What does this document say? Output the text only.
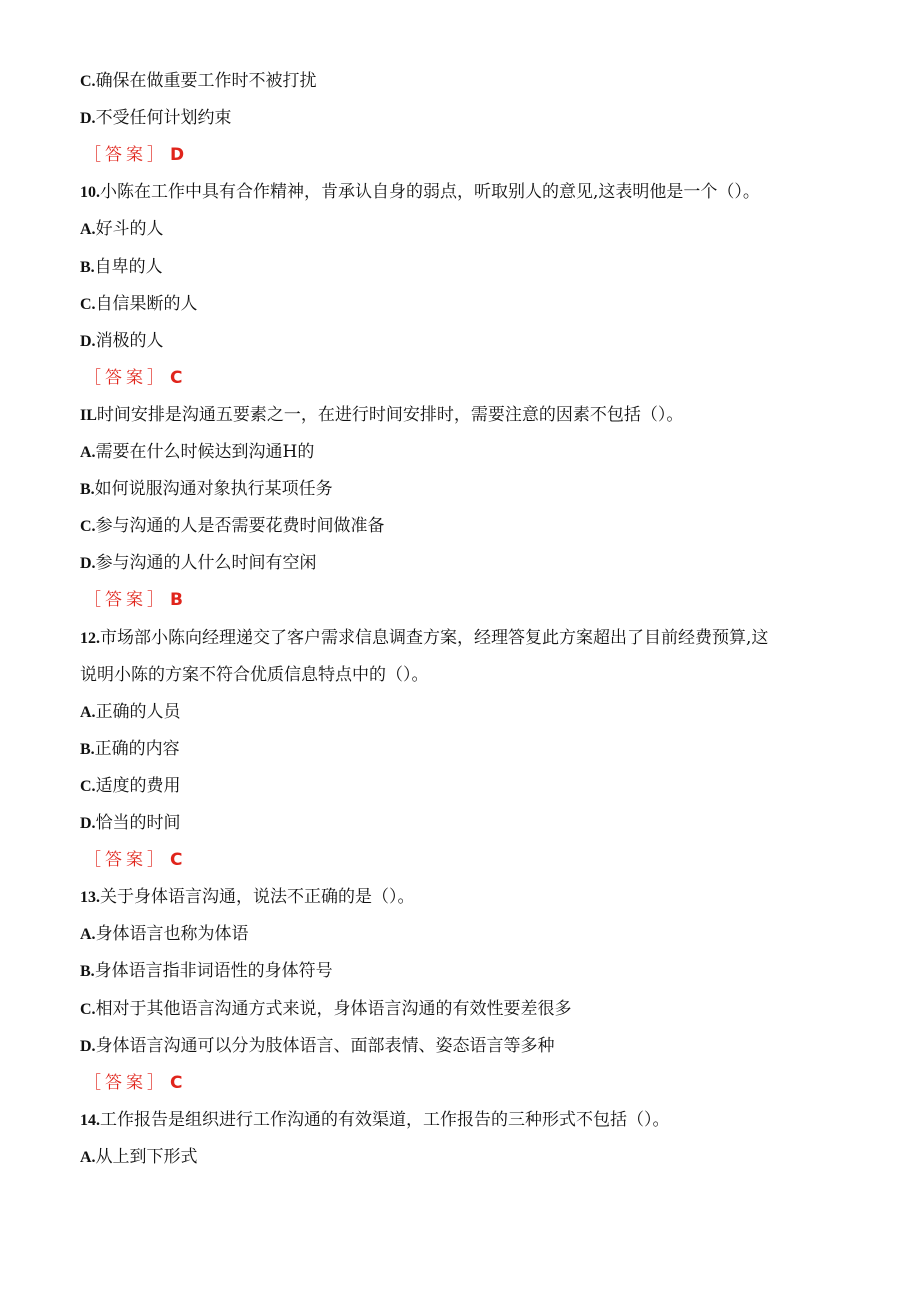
C.确保在做重要工作时不被打扰
D.不受任何计划约束
［答案］ D
10.小陈在工作中具有合作精神，肯承认自身的弱点，听取别人的意见,这表明他是一个（）。
A.好斗的人
B.自卑的人
C.自信果断的人
D.消极的人
［答案］ C
IL时间安排是沟通五要素之一，在进行时间安排时，需要注意的因素不包括（）。
A.需要在什么时候达到沟通H的
B.如何说服沟通对象执行某项任务
C.参与沟通的人是否需要花费时间做准备
D.参与沟通的人什么时间有空闲
［答案］ B
12.市场部小陈向经理递交了客户需求信息调查方案，经理答复此方案超出了目前经费预算,这
说明小陈的方案不符合优质信息特点中的（）。
A.正确的人员
B.正确的内容
C.适度的费用
D.恰当的时间
［答案］ C
13.关于身体语言沟通，说法不正确的是（）。
A.身体语言也称为体语
B.身体语言指非词语性的身体符号
C.相对于其他语言沟通方式来说，身体语言沟通的有效性要差很多
D.身体语言沟通可以分为肢体语言、面部表情、姿态语言等多种
［答案］ C
14.工作报告是组织进行工作沟通的有效渠道，工作报告的三种形式不包括（）。
A.从上到下形式
